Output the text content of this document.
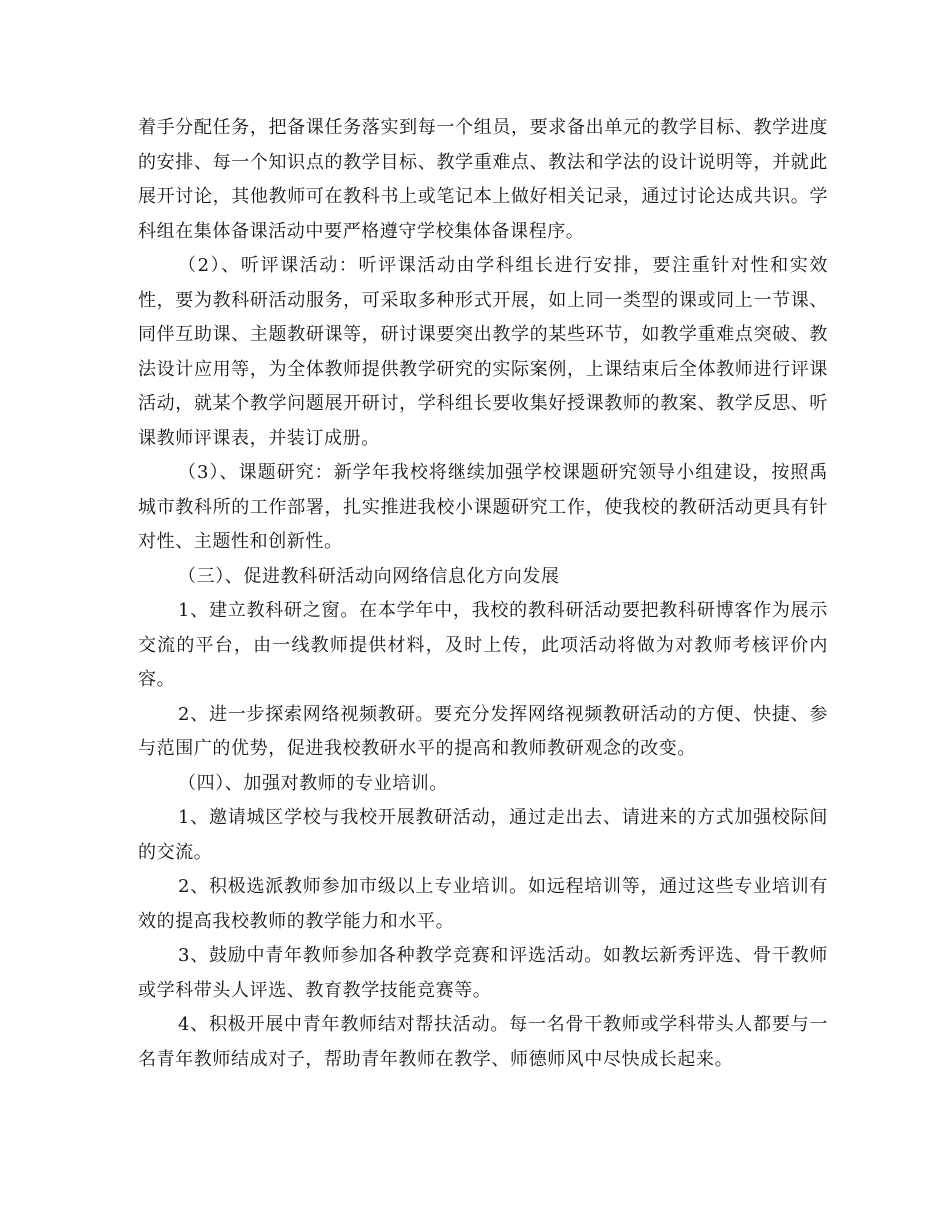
着手分配任务，把备课任务落实到每一个组员，要求备出单元的教学目标、教学进度的安排、每一个知识点的教学目标、教学重难点、教法和学法的设计说明等，并就此展开讨论，其他教师可在教科书上或笔记本上做好相关记录，通过讨论达成共识。学科组在集体备课活动中要严格遵守学校集体备课程序。

（2）、听评课活动：听评课活动由学科组长进行安排，要注重针对性和实效性，要为教科研活动服务，可采取多种形式开展，如上同一类型的课或同上一节课、同伴互助课、主题教研课等，研讨课要突出教学的某些环节，如教学重难点突破、教法设计应用等，为全体教师提供教学研究的实际案例，上课结束后全体教师进行评课活动，就某个教学问题展开研讨，学科组长要收集好授课教师的教案、教学反思、听课教师评课表，并装订成册。

（3）、课题研究：新学年我校将继续加强学校课题研究领导小组建设，按照禹城市教科所的工作部署，扎实推进我校小课题研究工作，使我校的教研活动更具有针对性、主题性和创新性。

（三）、促进教科研活动向网络信息化方向发展

1、建立教科研之窗。在本学年中，我校的教科研活动要把教科研博客作为展示交流的平台，由一线教师提供材料，及时上传，此项活动将做为对教师考核评价内容。

2、进一步探索网络视频教研。要充分发挥网络视频教研活动的方便、快捷、参与范围广的优势，促进我校教研水平的提高和教师教研观念的改变。

（四）、加强对教师的专业培训。

1、邀请城区学校与我校开展教研活动，通过走出去、请进来的方式加强校际间的交流。

2、积极选派教师参加市级以上专业培训。如远程培训等，通过这些专业培训有效的提高我校教师的教学能力和水平。

3、鼓励中青年教师参加各种教学竞赛和评选活动。如教坛新秀评选、骨干教师或学科带头人评选、教育教学技能竞赛等。

4、积极开展中青年教师结对帮扶活动。每一名骨干教师或学科带头人都要与一名青年教师结成对子，帮助青年教师在教学、师德师风中尽快成长起来。
